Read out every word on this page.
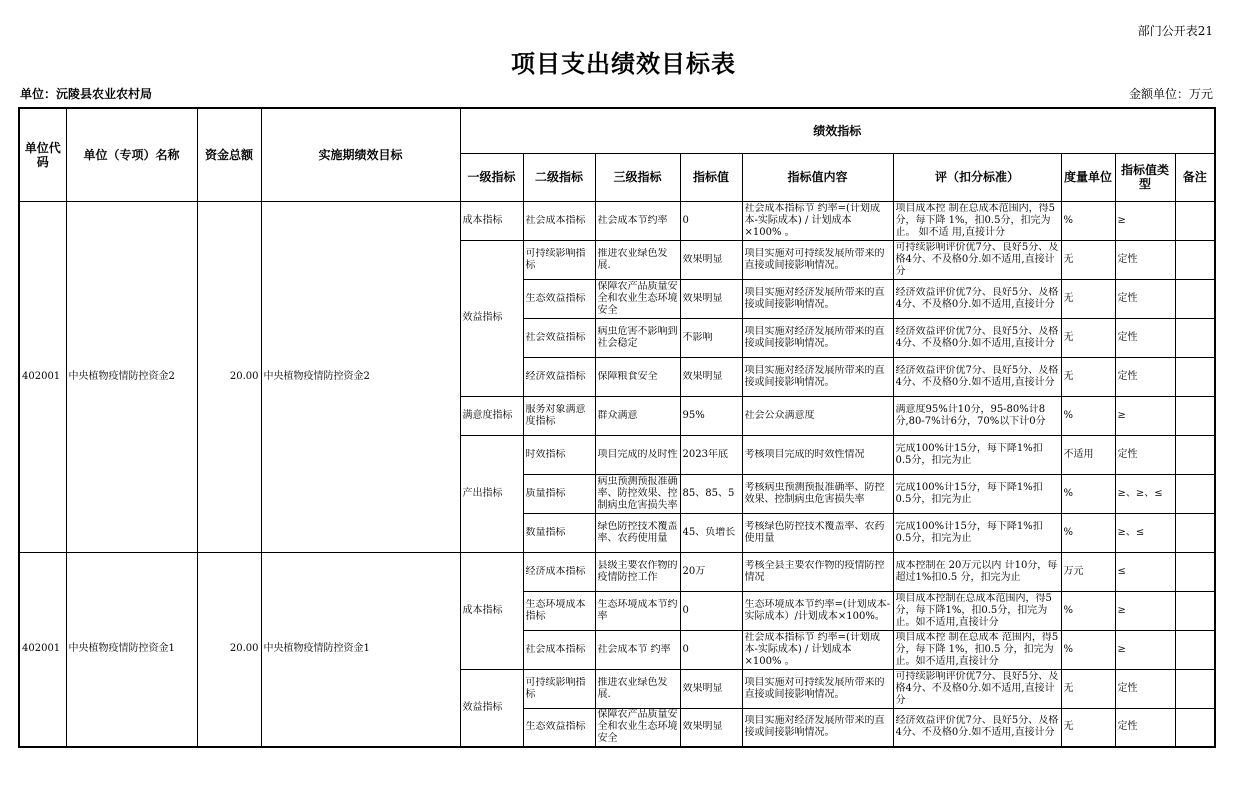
部门公开表21
项目支出绩效目标表
单位：沅陵县农业农村局	金额单位：万元
单位代码	单位（专项）名称	资金总额	实施期绩效目标	绩效指标								
				一级指标	二级指标	三级指标	指标值	指标值内容	评（扣分标准）	度量单位	指标值类型	备注
402001	中央植物疫情防控资金2	20.00	中央植物疫情防控资金2	成本指标	社会成本指标	社会成本节约率	0	社会成本指标节 约率=(计划成 本-实际成本) / 计划成本 ×100% 。	项目成本控 制在总成本范围内，得5分，每下降 1%，扣0.5分，扣完为止。 如不适 用,直接计分	%	≥	
				效益指标	可持续影响指标	推进农业绿色发展.	效果明显	项目实施对可持续发展所带来的直接或间接影响情况。	可持续影响评价优7分、良好5分、及格4分、不及格0分.如不适用,直接计分	无	定性	

					生态效益指标	保障农产品质量安全和农业生态环境安全	效果明显	项目实施对经济发展所带来的直接或间接影响情况。	经济效益评价优7分、良好5分、及格4分、不及格0分.如不适用,直接计分	无	定性	

					社会效益指标	病虫危害不影响到 社会稳定	不影响	项目实施对经济发展所带来的直接或间接影响情况。	经济效益评价优7分、良好5分、及格4分、不及格0分.如不适用,直接计分	无	定性	

					经济效益指标	保障粮食安全	效果明显	项目实施对经济发展所带来的直接或间接影响情况。	经济效益评价优7分、良好5分、及格4分、不及格0分.如不适用,直接计分	无	定性	
				满意度指标	服务对象满意度指标	群众满意	95%	社会公众满意度	满意度95%计10分，95-80%计8分,80-7%计6分，70%以下计0分	%	≥	
				产出指标	时效指标	项目完成的及时性	2023年底	考核项目完成的时效性情况	完成100%计15分，每下降1%扣0.5分，扣完为止	不适用	定性	

					质量指标	病虫预测预报准确率、防控效果、控制病虫危害损失率	85、85、5	考核病虫预测预报准确率、防控效果、控制病虫危害损失率	完成100%计15分，每下降1%扣0.5分，扣完为止	%	≥、≥、≤	

					数量指标	绿色防控技术覆盖率、农药使用量	45、负增长	考核绿色防控技术覆盖率、农药使用量	完成100%计15分，每下降1%扣0.5分，扣完为止	%	≥、≤	
402001	中央植物疫情防控资金1	20.00	中央植物疫情防控资金1	成本指标	经济成本指标	县级主要农作物的 疫情防控工作	20万	考核全县主要农作物的疫情防控情况	成本控制在 20万元以内 计10分，每 超过1%扣0.5 分，扣完为止	万元	≤	

					生态环境成本指标	生态环境成本节约率	0	生态环境成本节约率=(计划成本-实际成本）/计划成本×100%。	项目成本控制在总成本范围内，得5分，每下降1%，扣0.5分，扣完为止。如不适用,直接计分	%	≥	

					社会成本指标	社会成本节 约率	0	社会成本指标节 约率=(计划成 本-实际成本) / 计划成本 ×100% 。	项目成本控 制在总成本 范围内，得5分，每下降 1%，扣0.5 分，扣完为止。如不适用,直接计分	%	≥	
				效益指标	可持续影响指标	推进农业绿色发展.	效果明显	项目实施对可持续发展所带来的直接或间接影响情况。	可持续影响评价优7分、良好5分、及格4分、不及格0分.如不适用,直接计分	无	定性	

					生态效益指标	保障农产品质量安全和农业生态环境安全	效果明显	项目实施对经济发展所带来的直接或间接影响情况。	经济效益评价优7分、良好5分、及格4分、不及格0分.如不适用,直接计分	无	定性	
